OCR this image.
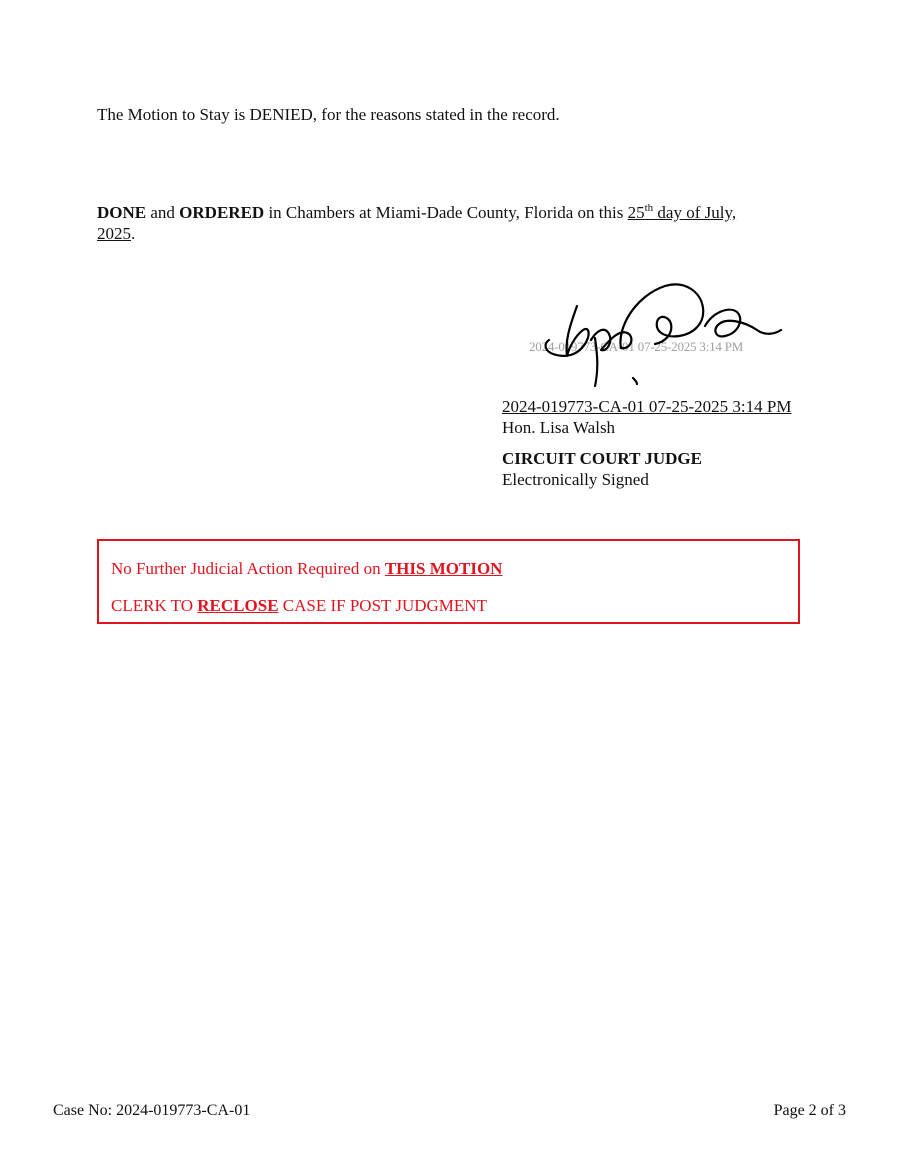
The Motion to Stay is DENIED, for the reasons stated in the record.
DONE and ORDERED in Chambers at Miami-Dade County, Florida on this 25th day of July,
2025.
2024-019773-CA-01 07-25-2025 3:14 PM
2024-019773-CA-01 07-25-2025 3:14 PM
Hon. Lisa Walsh
CIRCUIT COURT JUDGE
Electronically Signed
No Further Judicial Action Required on THIS MOTION
CLERK TO RECLOSE CASE IF POST JUDGMENT
Case No: 2024-019773-CA-01	Page 2 of 3
